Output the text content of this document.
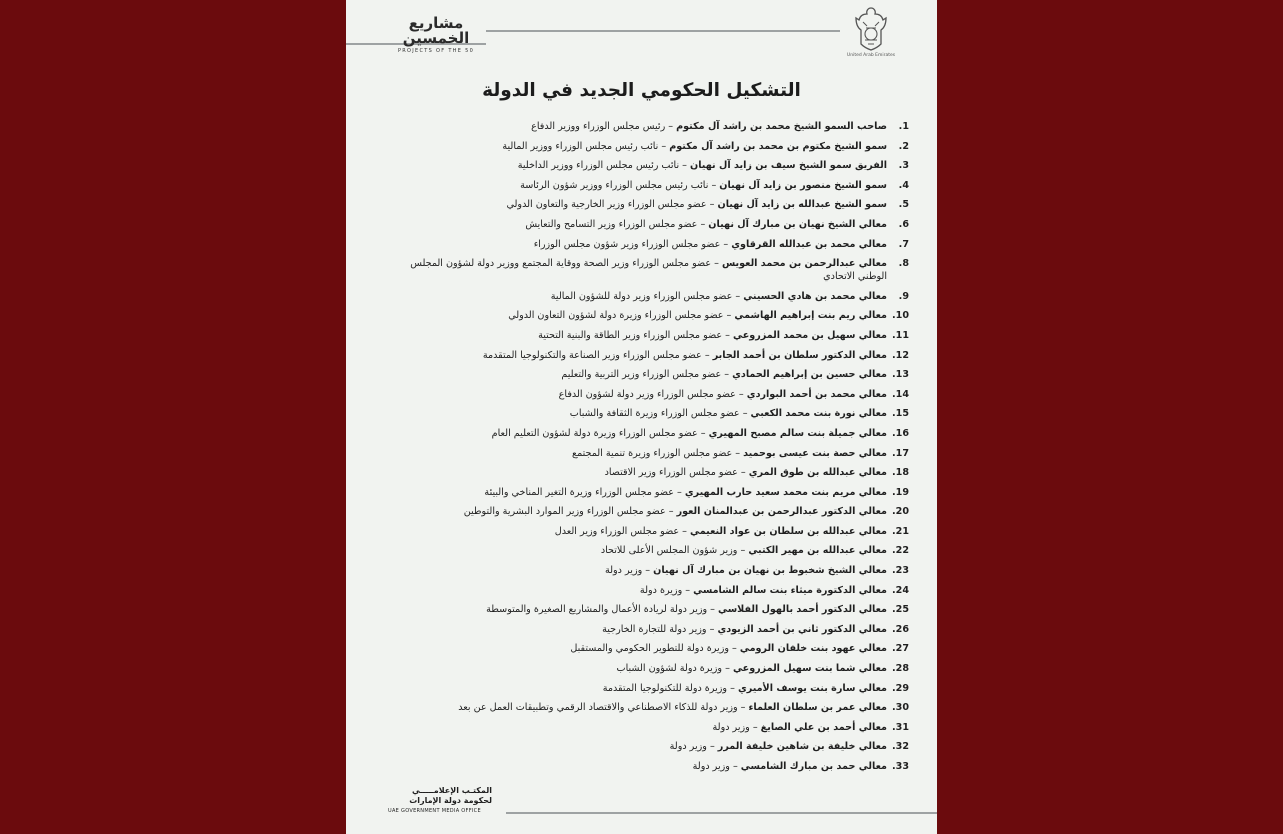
مشاريع
الخمسين
PROJECTS OF THE 50
United Arab Emirates
التشكيل الحكومي الجديد في الدولة
1.
صاحب السمو الشيخ محمد بن راشد آل مكتوم – رئيس مجلس الوزراء ووزير الدفاع
2.
سمو الشيخ مكتوم بن محمد بن راشد آل مكتوم – نائب رئيس مجلس الوزراء ووزير المالية
3.
الفريق سمو الشيخ سيف بن زايد آل نهيان – نائب رئيس مجلس الوزراء ووزير الداخلية
4.
سمو الشيخ منصور بن زايد آل نهيان – نائب رئيس مجلس الوزراء ووزير شؤون الرئاسة
5.
سمو الشيخ عبدالله بن زايد آل نهيان – عضو مجلس الوزراء وزير الخارجية والتعاون الدولي
6.
معالي الشيخ نهيان بن مبارك آل نهيان – عضو مجلس الوزراء وزير التسامح والتعايش
7.
معالي محمد بن عبدالله القرقاوي – عضو مجلس الوزراء وزير شؤون مجلس الوزراء
8.
معالي عبدالرحمن بن محمد العويس – عضو مجلس الوزراء وزير الصحة ووقاية المجتمع ووزير دولة لشؤون المجلس الوطني الاتحادي
9.
معالي محمد بن هادي الحسيني – عضو مجلس الوزراء وزير دولة للشؤون المالية
10.
معالي ريم بنت إبراهيم الهاشمي – عضو مجلس الوزراء وزيرة دولة لشؤون التعاون الدولي
11.
معالي سهيل بن محمد المزروعي – عضو مجلس الوزراء وزير الطاقة والبنية التحتية
12.
معالي الدكتور سلطان بن أحمد الجابر – عضو مجلس الوزراء وزير الصناعة والتكنولوجيا المتقدمة
13.
معالي حسين بن إبراهيم الحمادي – عضو مجلس الوزراء وزير التربية والتعليم
14.
معالي محمد بن أحمد البواردي – عضو مجلس الوزراء وزير دولة لشؤون الدفاع
15.
معالي نورة بنت محمد الكعبي – عضو مجلس الوزراء وزيرة الثقافة والشباب
16.
معالي جميلة بنت سالم مصبح المهيري – عضو مجلس الوزراء وزيرة دولة لشؤون التعليم العام
17.
معالي حصة بنت عيسى بوحميد – عضو مجلس الوزراء وزيرة تنمية المجتمع
18.
معالي عبدالله بن طوق المري – عضو مجلس الوزراء وزير الاقتصاد
19.
معالي مريم بنت محمد سعيد حارب المهيري – عضو مجلس الوزراء وزيرة التغير المناخي والبيئة
20.
معالي الدكتور عبدالرحمن بن عبدالمنان العور – عضو مجلس الوزراء وزير الموارد البشرية والتوطين
21.
معالي عبدالله بن سلطان بن عواد النعيمي – عضو مجلس الوزراء وزير العدل
22.
معالي عبدالله بن مهير الكتبي – وزير شؤون المجلس الأعلى للاتحاد
23.
معالي الشيخ شخبوط بن نهيان بن مبارك آل نهيان – وزير دولة
24.
معالي الدكتورة ميثاء بنت سالم الشامسي – وزيرة دولة
25.
معالي الدكتور أحمد بالهول الفلاسي – وزير دولة لريادة الأعمال والمشاريع الصغيرة والمتوسطة
26.
معالي الدكتور ثاني بن أحمد الزيودي – وزير دولة للتجارة الخارجية
27.
معالي عهود بنت خلفان الرومي – وزيرة دولة للتطوير الحكومي والمستقبل
28.
معالي شما بنت سهيل المزروعي – وزيرة دولة لشؤون الشباب
29.
معالي سارة بنت يوسف الأميري – وزيرة دولة للتكنولوجيا المتقدمة
30.
معالي عمر بن سلطان العلماء – وزير دولة للذكاء الاصطناعي والاقتصاد الرقمي وتطبيقات العمل عن بعد
31.
معالي أحمد بن علي الصايغ – وزير دولة
32.
معالي خليفة بن شاهين خليفة المرر – وزير دولة
33.
معالي حمد بن مبارك الشامسي – وزير دولة
المكتـب الإعلامـــــي
لحكومة دولة الإمارات
UAE GOVERNMENT MEDIA OFFICE
